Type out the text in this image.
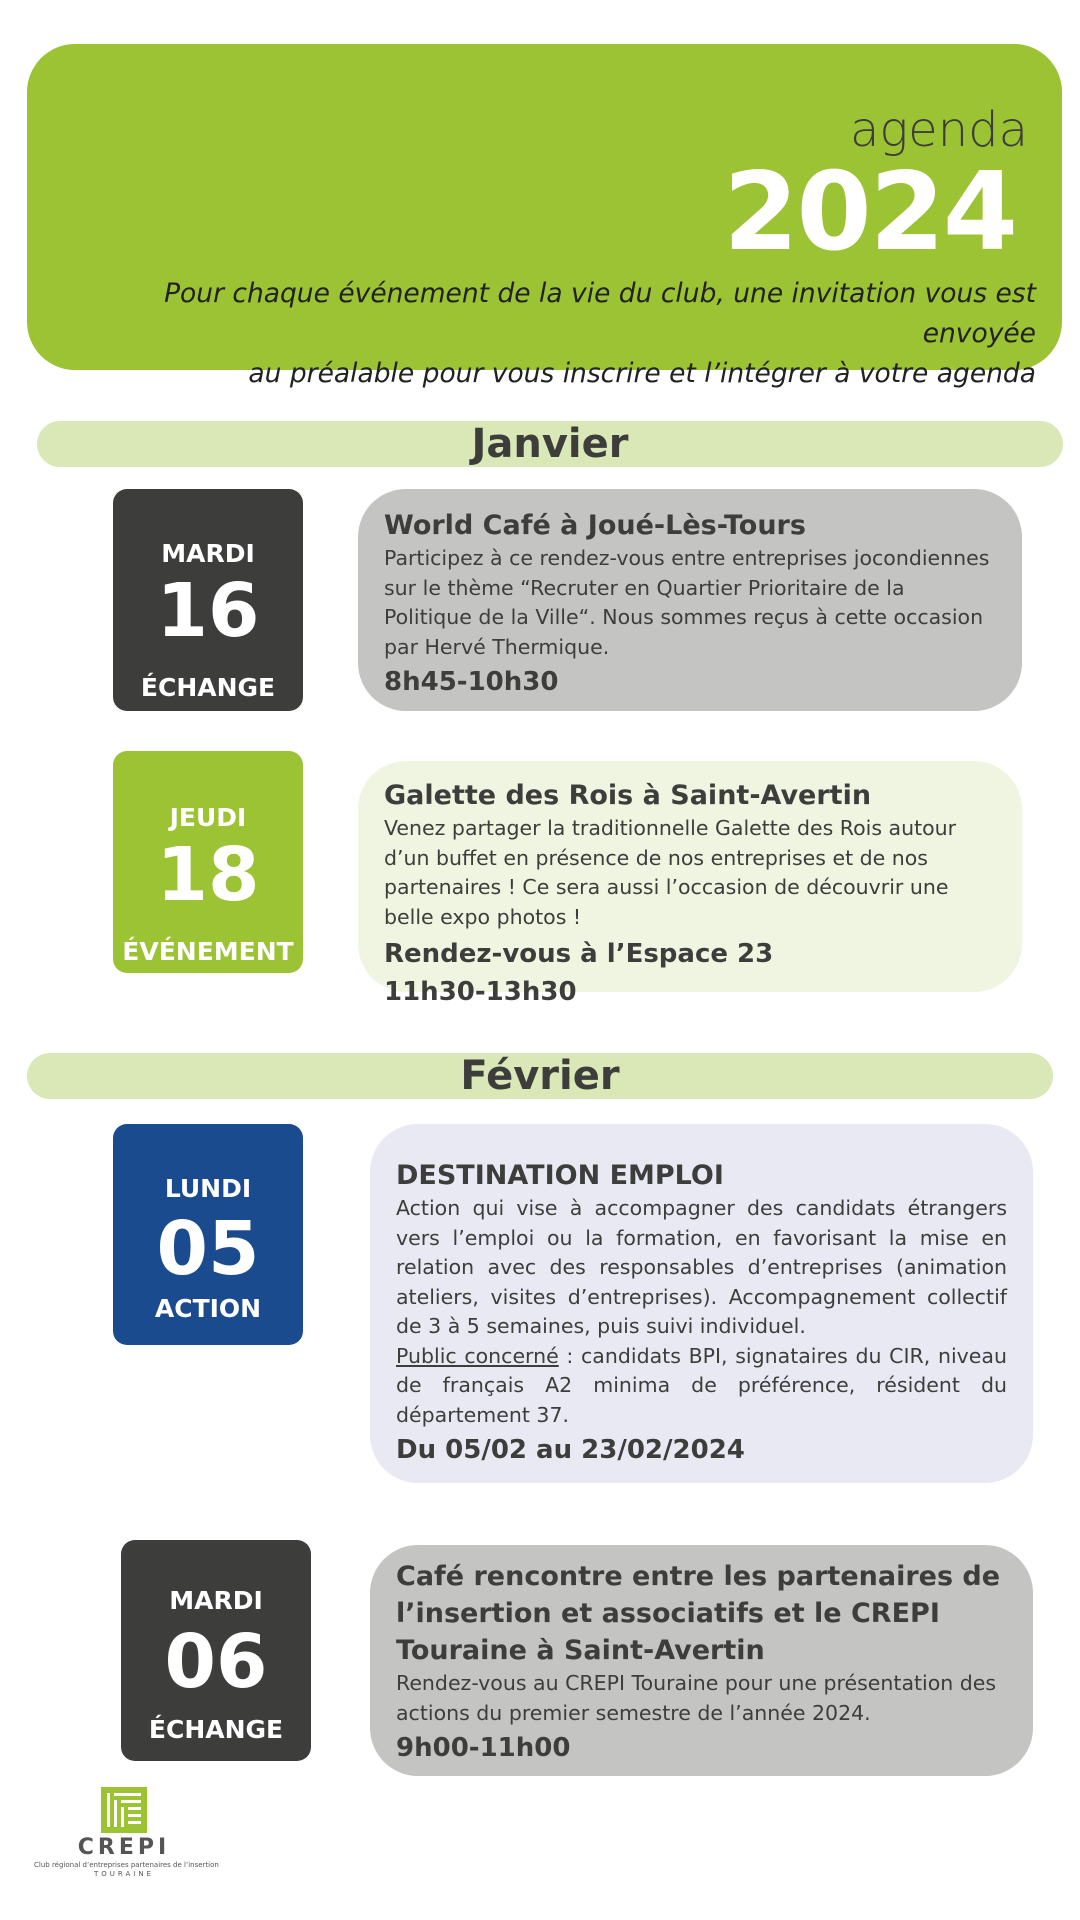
agenda
2024
Pour chaque événement de la vie du club, une invitation vous est envoyée
au préalable pour vous inscrire et l’intégrer à votre agenda
Janvier
MARDI
16
ÉCHANGE
World Café à Joué-Lès-Tours
Participez à ce rendez-vous entre entreprises jocondiennes sur le thème “Recruter en Quartier Prioritaire de la Politique de la Ville“. Nous sommes reçus à cette occasion par Hervé Thermique.
8h45-10h30
JEUDI
18
ÉVÉNEMENT
Galette des Rois à Saint-Avertin
Venez partager la traditionnelle Galette des Rois autour d’un buffet en présence de nos entreprises et de nos partenaires ! Ce sera aussi l’occasion de découvrir une belle expo photos !
Rendez-vous à l’Espace 23
11h30-13h30
Février
LUNDI
05
ACTION
DESTINATION EMPLOI
Action qui vise à accompagner des candidats étrangers vers l’emploi ou la formation, en favorisant la mise en relation avec des responsables d’entreprises (animation ateliers, visites d’entreprises). Accompagnement collectif de 3 à 5 semaines, puis suivi individuel.
Public concerné : candidats BPI, signataires du CIR, niveau de français A2 minima de préférence, résident du département 37.
Du 05/02 au 23/02/2024
MARDI
06
ÉCHANGE
Café rencontre entre les partenaires de l’insertion et associatifs et le CREPI Touraine à Saint-Avertin
Rendez-vous au CREPI Touraine pour une présentation des actions du premier semestre de l’année 2024.
9h00-11h00
CREPI
Club régional d’entreprises partenaires de l’insertion
TOURAINE
